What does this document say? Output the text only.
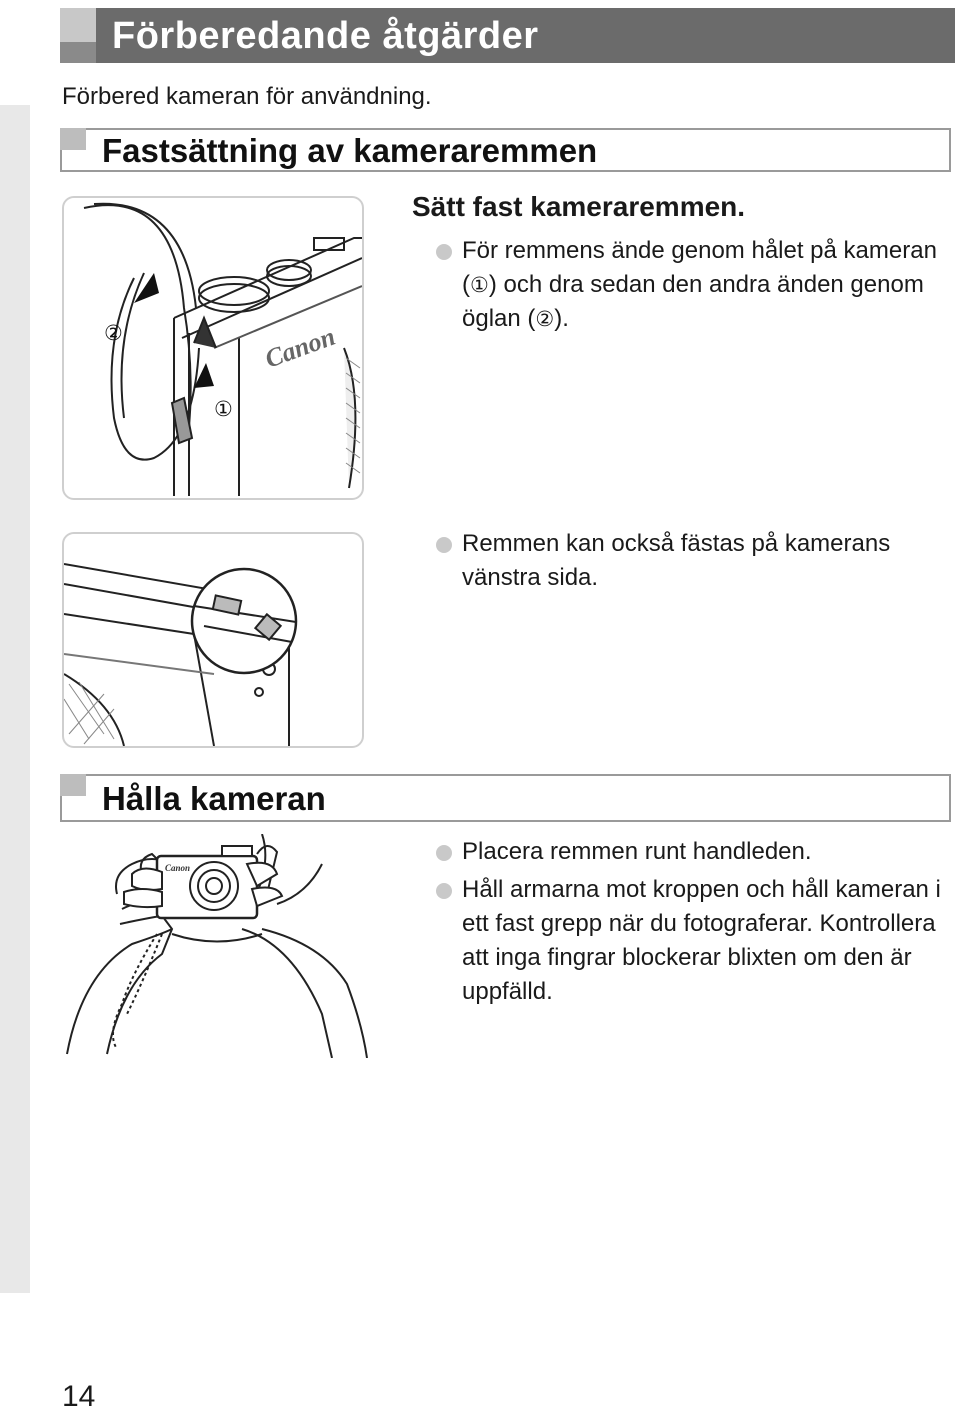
Förberedande åtgärder
Förbered kameran för användning.
Fastsättning av kameraremmen
Canon
②
①
Sätt fast kameraremmen.

För remmens ände genom hålet på kameran (①) och dra sedan den andra änden genom öglan (②).

Remmen kan också fästas på kamerans vänstra sida.

Hålla kameran
Canon

Placera remmen runt handleden.

Håll armarna mot kroppen och håll kameran i ett fast grepp när du fotograferar. Kontrollera att inga fingrar blockerar blixten om den är uppfälld.

14
